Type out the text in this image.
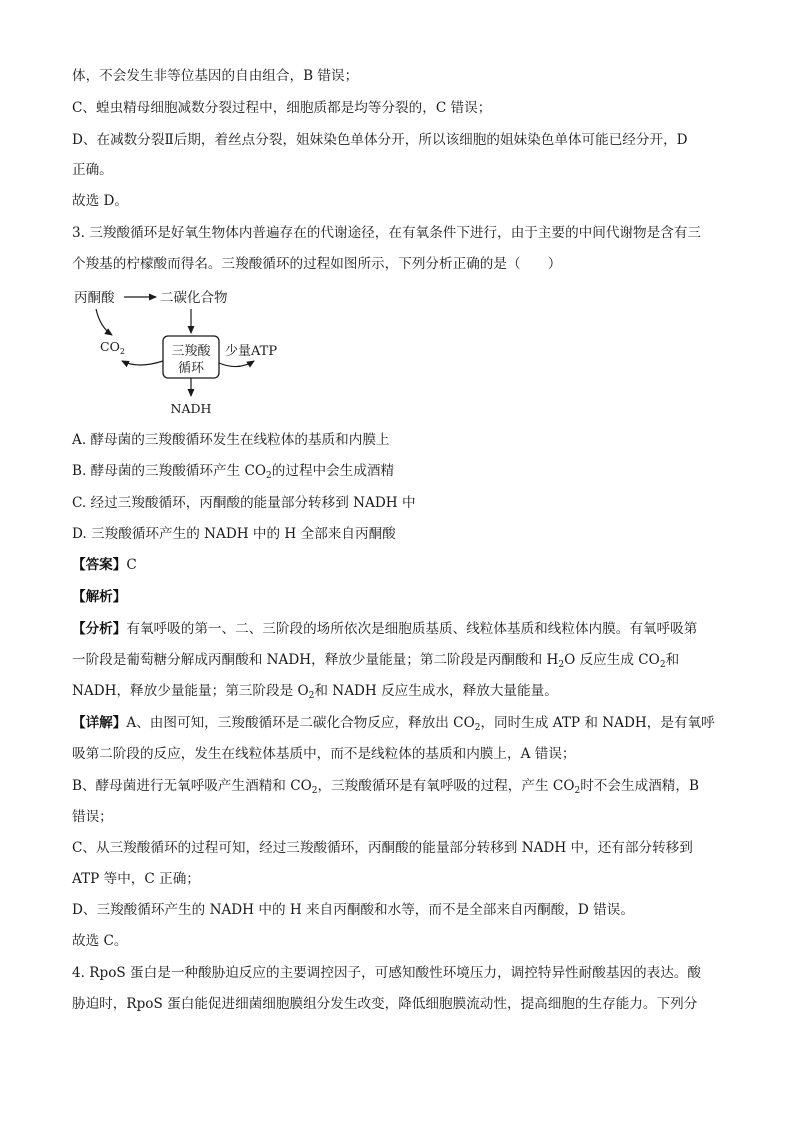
体，不会发生非等位基因的自由组合，B 错误；

C、蝗虫精母细胞减数分裂过程中，细胞质都是均等分裂的，C 错误；

D、在减数分裂Ⅱ后期，着丝点分裂，姐妹染色单体分开，所以该细胞的姐妹染色单体可能已经分开，D

正确。

故选 D。

3. 三羧酸循环是好氧生物体内普遍存在的代谢途径，在有氧条件下进行，由于主要的中间代谢物是含有三

个羧基的柠檬酸而得名。三羧酸循环的过程如图所示，下列分析正确的是（　　）

丙酮酸	二碳化合物
$CO_2$	三羧酸
循环
少量ATP
NADH

A. 酵母菌的三羧酸循环发生在线粒体的基质和内膜上

B. 酵母菌的三羧酸循环产生 $CO_2$的过程中会生成酒精

C. 经过三羧酸循环，丙酮酸的能量部分转移到 NADH 中

D. 三羧酸循环产生的 NADH 中的 H 全部来自丙酮酸

【答案】C

【解析】

【分析】有氧呼吸的第一、二、三阶段的场所依次是细胞质基质、线粒体基质和线粒体内膜。有氧呼吸第

一阶段是葡萄糖分解成丙酮酸和 NADH，释放少量能量；第二阶段是丙酮酸和 $H_2O$ 反应生成 $CO_2$和

NADH，释放少量能量；第三阶段是 $O_2$和 NADH 反应生成水，释放大量能量。

【详解】A、由图可知，三羧酸循环是二碳化合物反应，释放出 $CO_2$，同时生成 ATP 和 NADH，是有氧呼

吸第二阶段的反应，发生在线粒体基质中，而不是线粒体的基质和内膜上，A 错误；

B、酵母菌进行无氧呼吸产生酒精和 $CO_2$，三羧酸循环是有氧呼吸的过程，产生 $CO_2$时不会生成酒精，B

错误；

C、从三羧酸循环的过程可知，经过三羧酸循环，丙酮酸的能量部分转移到 NADH 中，还有部分转移到

ATP 等中，C 正确；

D、三羧酸循环产生的 NADH 中的 H 来自丙酮酸和水等，而不是全部来自丙酮酸，D 错误。

故选 C。

4. RpoS 蛋白是一种酸胁迫反应的主要调控因子，可感知酸性环境压力，调控特异性耐酸基因的表达。酸

胁迫时，RpoS 蛋白能促进细菌细胞膜组分发生改变，降低细胞膜流动性，提高细胞的生存能力。下列分
